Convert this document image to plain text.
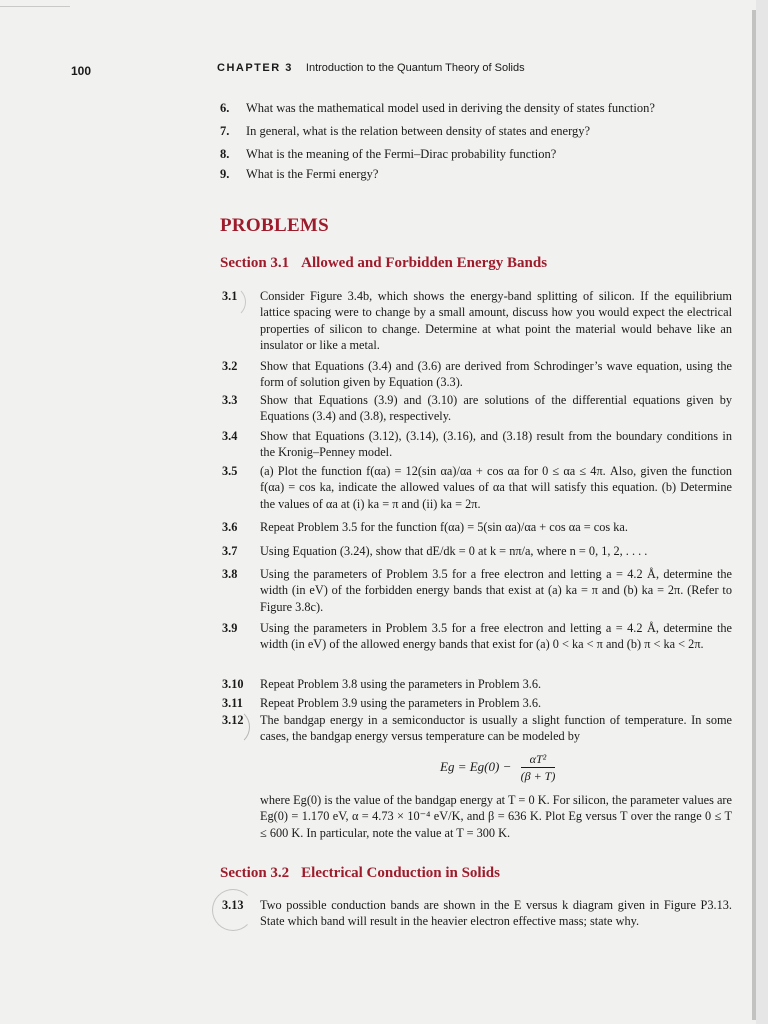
100	CHAPTER 3 Introduction to the Quantum Theory of Solids
6. What was the mathematical model used in deriving the density of states function?
7. In general, what is the relation between density of states and energy?
8. What is the meaning of the Fermi–Dirac probability function?
9. What is the Fermi energy?
PROBLEMS
Section 3.1 Allowed and Forbidden Energy Bands
3.1 Consider Figure 3.4b, which shows the energy-band splitting of silicon. If the equilibrium lattice spacing were to change by a small amount, discuss how you would expect the electrical properties of silicon to change. Determine at what point the material would behave like an insulator or like a metal.
3.2 Show that Equations (3.4) and (3.6) are derived from Schrodinger’s wave equation, using the form of solution given by Equation (3.3).
3.3 Show that Equations (3.9) and (3.10) are solutions of the differential equations given by Equations (3.4) and (3.8), respectively.
3.4 Show that Equations (3.12), (3.14), (3.16), and (3.18) result from the boundary conditions in the Kronig–Penney model.
3.5 (a) Plot the function f(αa) = 12(sin αa)/αa + cos αa for 0 ≤ αa ≤ 4π. Also, given the function f(αa) = cos ka, indicate the allowed values of αa that will satisfy this equation. (b) Determine the values of αa at (i) ka = π and (ii) ka = 2π.
3.6 Repeat Problem 3.5 for the function f(αa) = 5(sin αa)/αa + cos αa = cos ka.
3.7 Using Equation (3.24), show that dE/dk = 0 at k = nπ/a, where n = 0, 1, 2, . . . .
3.8 Using the parameters of Problem 3.5 for a free electron and letting a = 4.2 Å, determine the width (in eV) of the forbidden energy bands that exist at (a) ka = π and (b) ka = 2π. (Refer to Figure 3.8c).
3.9 Using the parameters in Problem 3.5 for a free electron and letting a = 4.2 Å, determine the width (in eV) of the allowed energy bands that exist for (a) 0 < ka < π and (b) π < ka < 2π.
3.10 Repeat Problem 3.8 using the parameters in Problem 3.6.
3.11 Repeat Problem 3.9 using the parameters in Problem 3.6.
3.12 The bandgap energy in a semiconductor is usually a slight function of temperature. In some cases, the bandgap energy versus temperature can be modeled by
$Eg = Eg(0) - \frac{\text{αT²}}{(\beta + T)}$
where Eg(0) is the value of the bandgap energy at T = 0 K. For silicon, the parameter values are Eg(0) = 1.170 eV, α = 4.73 × 10⁻⁴ eV/K, and β = 636 K. Plot Eg versus T over the range 0 ≤ T ≤ 600 K. In particular, note the value at T = 300 K.
Section 3.2 Electrical Conduction in Solids
3.13 Two possible conduction bands are shown in the E versus k diagram given in Figure P3.13. State which band will result in the heavier electron effective mass; state why.
